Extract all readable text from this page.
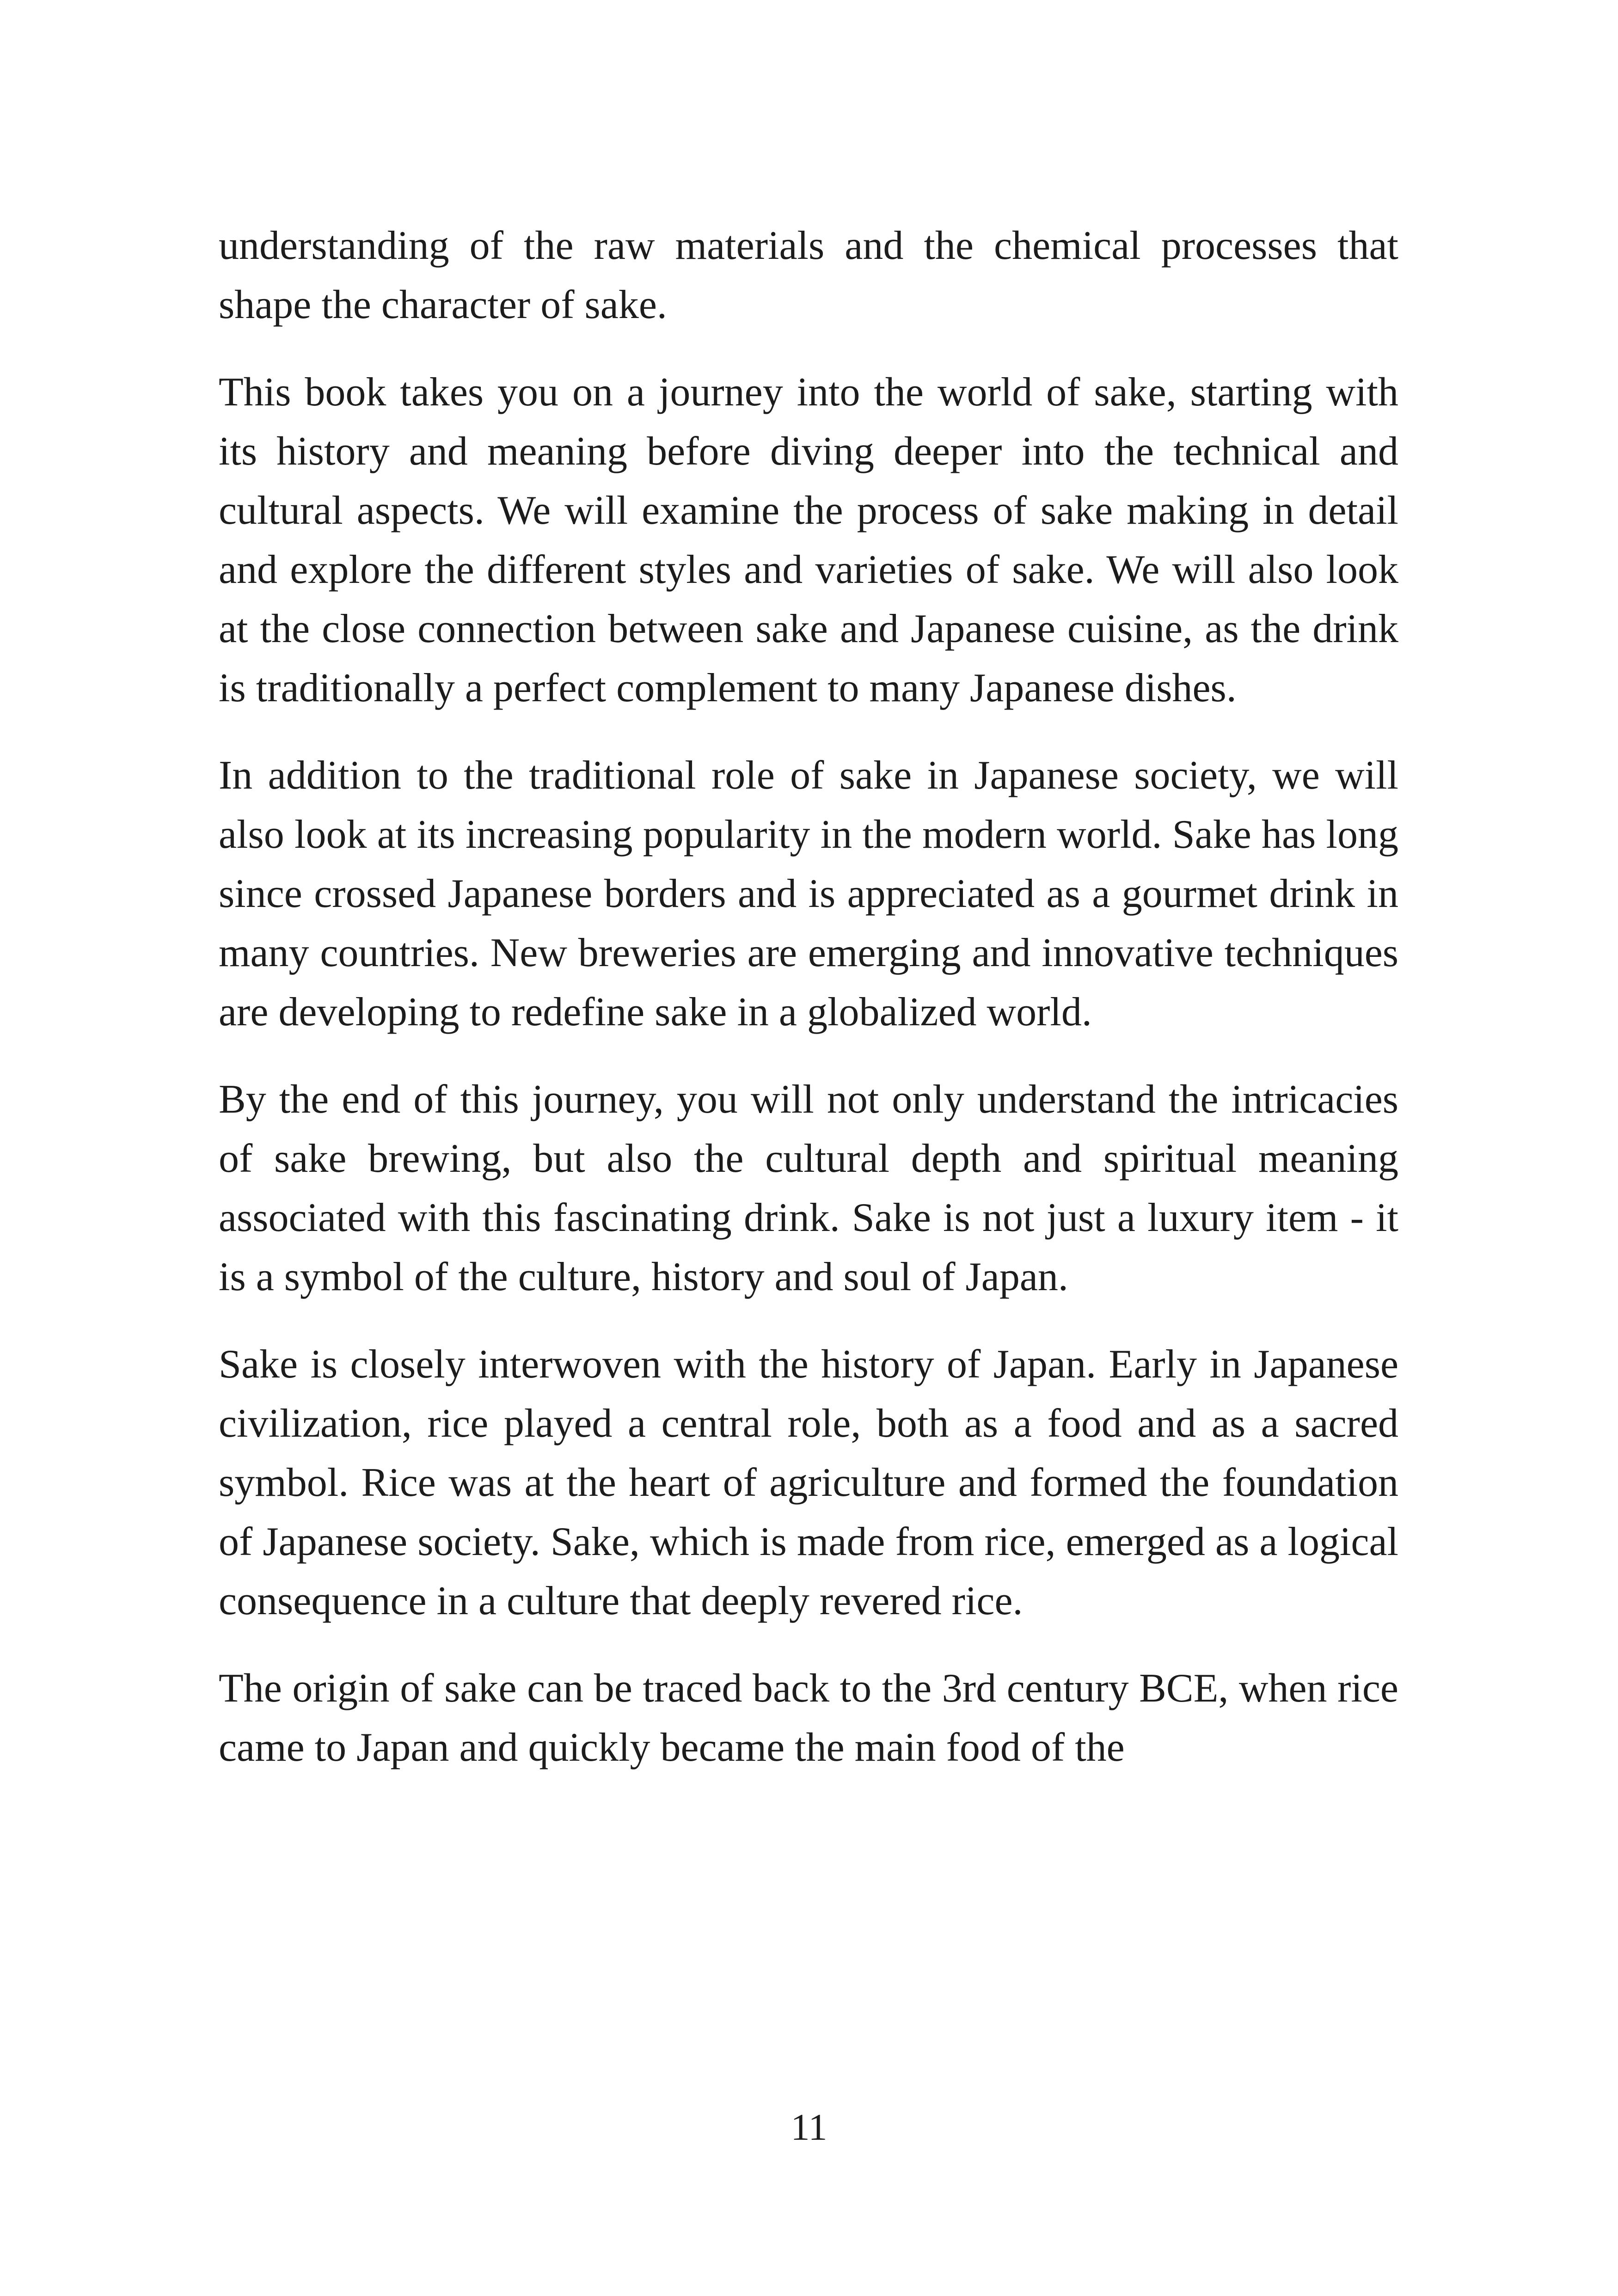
understanding of the raw materials and the chemical processes that shape the character of sake.

This book takes you on a journey into the world of sake, starting with its history and meaning before diving deeper into the technical and cultural aspects. We will examine the process of sake making in detail and explore the different styles and varieties of sake. We will also look at the close connection between sake and Japanese cuisine, as the drink is traditionally a perfect complement to many Japanese dishes.

In addition to the traditional role of sake in Japanese society, we will also look at its increasing popularity in the modern world. Sake has long since crossed Japanese borders and is appreciated as a gourmet drink in many countries. New breweries are emerging and innovative techniques are developing to redefine sake in a globalized world.

By the end of this journey, you will not only understand the intricacies of sake brewing, but also the cultural depth and spiritual meaning associated with this fascinating drink. Sake is not just a luxury item - it is a symbol of the culture, history and soul of Japan.

Sake is closely interwoven with the history of Japan. Early in Japanese civilization, rice played a central role, both as a food and as a sacred symbol. Rice was at the heart of agriculture and formed the foundation of Japanese society. Sake, which is made from rice, emerged as a logical consequence in a culture that deeply revered rice.

The origin of sake can be traced back to the 3rd century BCE, when rice came to Japan and quickly became the main food of the

11
